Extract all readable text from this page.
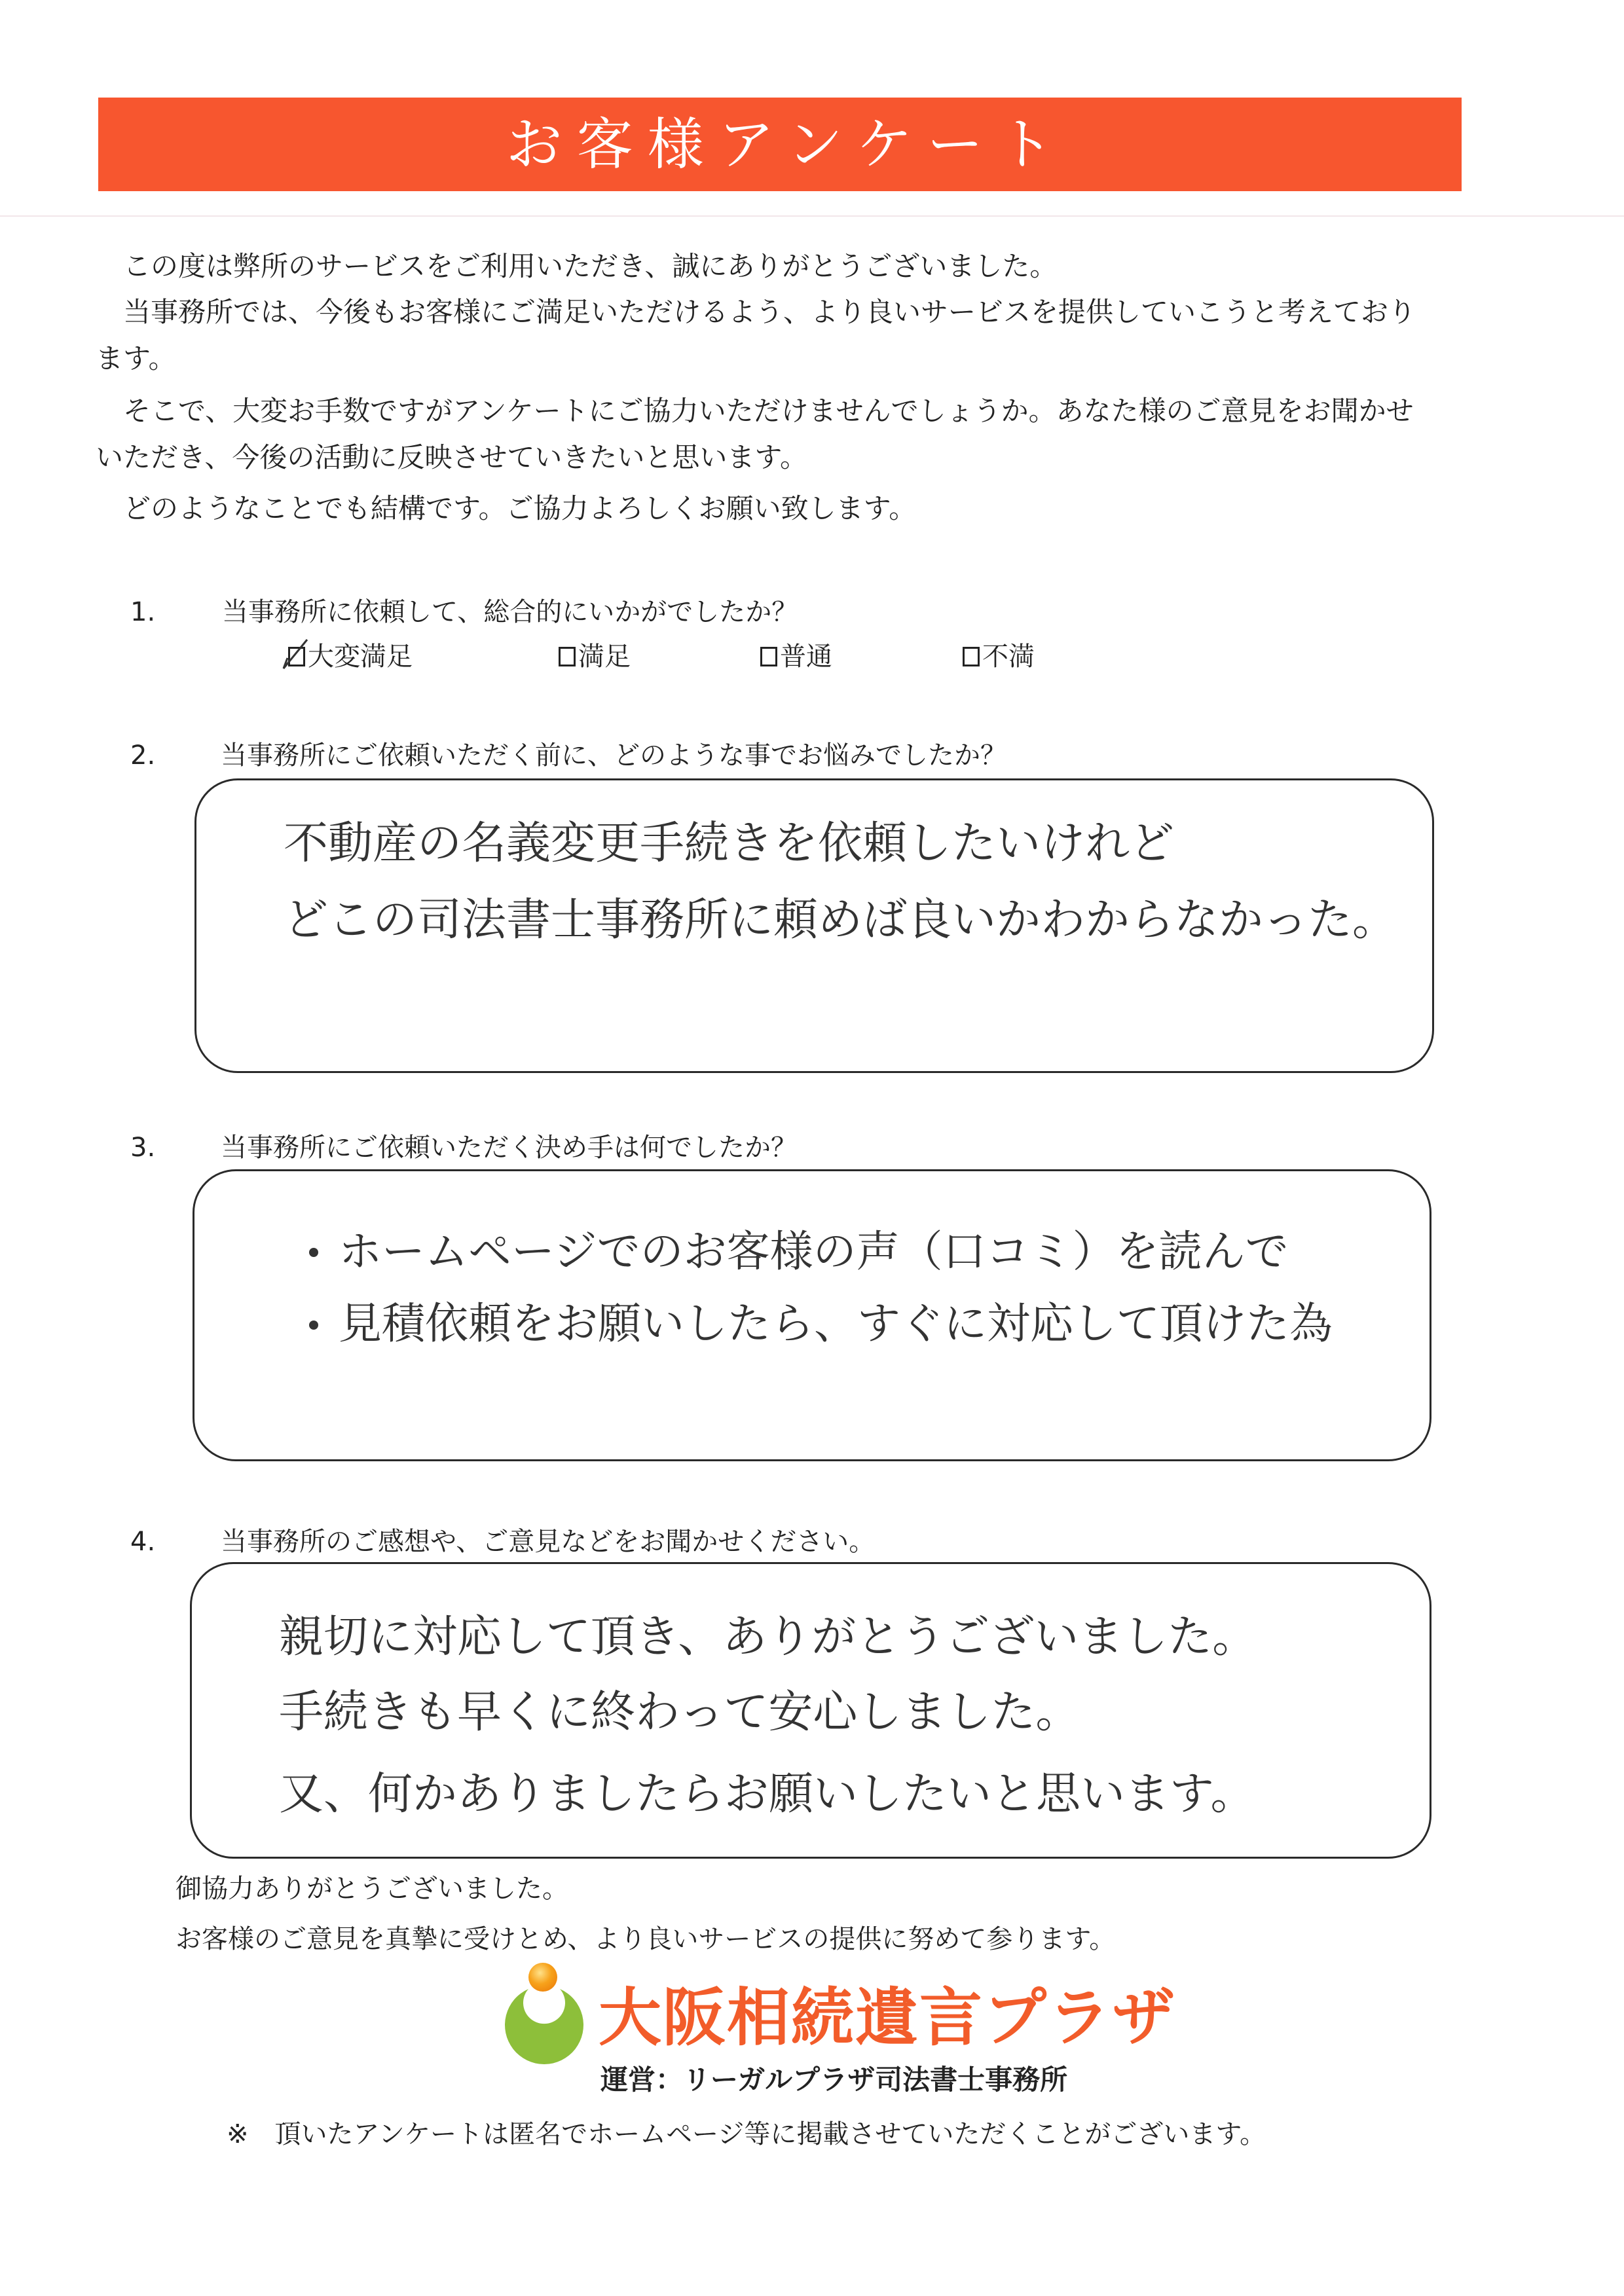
お客様アンケート
　この度は弊所のサービスをご利用いただき、誠にありがとうございました。
　当事務所では、今後もお客様にご満足いただけるよう、より良いサービスを提供していこうと考えており
ます。
　そこで、大変お手数ですがアンケートにご協力いただけませんでしょうか。あなた様のご意見をお聞かせ
いただき、今後の活動に反映させていきたいと思います。
　どのようなことでも結構です。ご協力よろしくお願い致します。
1.	当事務所に依頼して、総合的にいかがでしたか？
大変満足	満足	普通	不満
2. 当事務所にご依頼いただく前に、どのような事でお悩みでしたか？
不動産の名義変更手続きを依頼したいけれど
どこの司法書士事務所に頼めば良いかわからなかった。
3. 当事務所にご依頼いただく決め手は何でしたか？
ホームページでのお客様の声（口コミ）を読んで
見積依頼をお願いしたら、すぐに対応して頂けた為
4. 当事務所のご感想や、ご意見などをお聞かせください。
親切に対応して頂き、ありがとうございました。
手続きも早くに終わって安心しました。
又、何かありましたらお願いしたいと思います。
御協力ありがとうございました。
お客様のご意見を真摯に受けとめ、より良いサービスの提供に努めて参ります。
大阪相続遺言プラザ
運営：リーガルプラザ司法書士事務所
※　頂いたアンケートは匿名でホームページ等に掲載させていただくことがございます。
